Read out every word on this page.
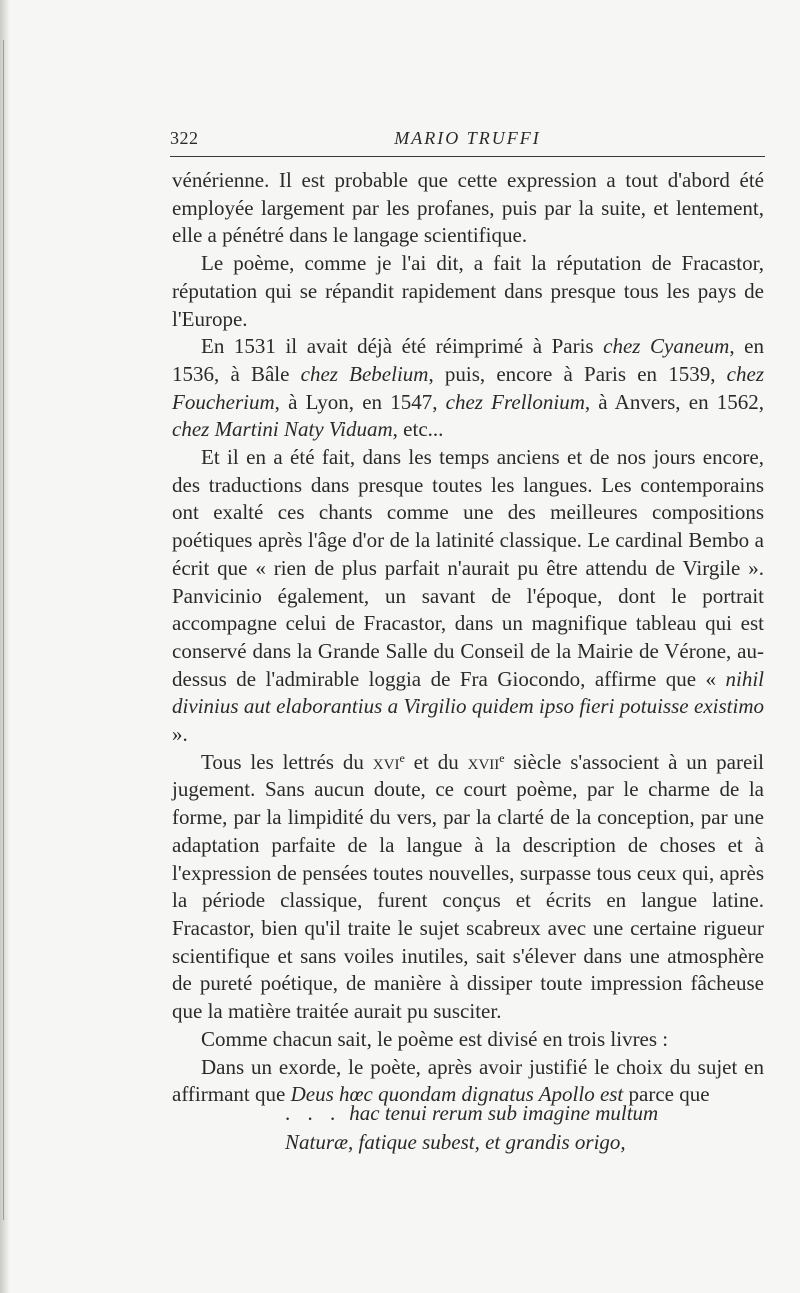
322	MARIO TRUFFI

vénérienne. Il est probable que cette expression a tout d'abord été employée largement par les profanes, puis par la suite, et lentement, elle a pénétré dans le langage scientifique.

Le poème, comme je l'ai dit, a fait la réputation de Fracastor, réputation qui se répandit rapidement dans presque tous les pays de l'Europe.

En 1531 il avait déjà été réimprimé à Paris chez Cyaneum, en 1536, à Bâle chez Bebelium, puis, encore à Paris en 1539, chez Foucherium, à Lyon, en 1547, chez Frellonium, à Anvers, en 1562, chez Martini Naty Viduam, etc...

Et il en a été fait, dans les temps anciens et de nos jours encore, des traductions dans presque toutes les langues. Les contemporains ont exalté ces chants comme une des meilleures compositions poétiques après l'âge d'or de la latinité classique. Le cardinal Bembo a écrit que « rien de plus parfait n'aurait pu être attendu de Virgile ». Panvicinio également, un savant de l'époque, dont le portrait accompagne celui de Fracastor, dans un magnifique tableau qui est conservé dans la Grande Salle du Conseil de la Mairie de Vérone, au-dessus de l'admirable loggia de Fra Giocondo, affirme que « nihil divinius aut elaborantius a Virgilio quidem ipso fieri potuisse existimo ».

Tous les lettrés du xvi$^e$ et du xvii$^e$ siècle s'associent à un pareil jugement. Sans aucun doute, ce court poème, par le charme de la forme, par la limpidité du vers, par la clarté de la conception, par une adaptation parfaite de la langue à la description de choses et à l'expression de pensées toutes nouvelles, surpasse tous ceux qui, après la période classique, furent conçus et écrits en langue latine. Fracastor, bien qu'il traite le sujet scabreux avec une certaine rigueur scientifique et sans voiles inutiles, sait s'élever dans une atmosphère de pureté poétique, de manière à dissiper toute impression fâcheuse que la matière traitée aurait pu susciter.

Comme chacun sait, le poème est divisé en trois livres :

Dans un exorde, le poète, après avoir justifié le choix du sujet en affirmant que Deus hœc quondam dignatus Apollo est parce que

. . . hac tenui rerum sub imagine multum
Naturæ, fatique subest, et grandis origo,
